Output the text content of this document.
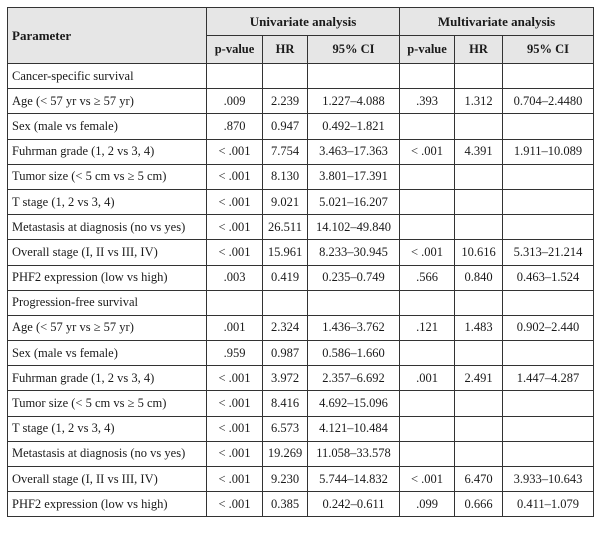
Parameter	Univariate analysis			Multivariate analysis		
	p-value	HR	95% CI	p-value	HR	95% CI
Cancer-specific survival						
Age (< 57 yr vs ≥ 57 yr)	.009	2.239	1.227–4.088	.393	1.312	0.704–2.4480
Sex (male vs female)	.870	0.947	0.492–1.821			
Fuhrman grade (1, 2 vs 3, 4)	< .001	7.754	3.463–17.363	< .001	4.391	1.911–10.089
Tumor size (< 5 cm vs ≥ 5 cm)	< .001	8.130	3.801–17.391			
T stage (1, 2 vs 3, 4)	< .001	9.021	5.021–16.207			
Metastasis at diagnosis (no vs yes)	< .001	26.511	14.102–49.840			
Overall stage (I, II vs III, IV)	< .001	15.961	8.233–30.945	< .001	10.616	5.313–21.214
PHF2 expression (low vs high)	.003	0.419	0.235–0.749	.566	0.840	0.463–1.524
Progression-free survival						
Age (< 57 yr vs ≥ 57 yr)	.001	2.324	1.436–3.762	.121	1.483	0.902–2.440
Sex (male vs female)	.959	0.987	0.586–1.660			
Fuhrman grade (1, 2 vs 3, 4)	< .001	3.972	2.357–6.692	.001	2.491	1.447–4.287
Tumor size (< 5 cm vs ≥ 5 cm)	< .001	8.416	4.692–15.096			
T stage (1, 2 vs 3, 4)	< .001	6.573	4.121–10.484			
Metastasis at diagnosis (no vs yes)	< .001	19.269	11.058–33.578			
Overall stage (I, II vs III, IV)	< .001	9.230	5.744–14.832	< .001	6.470	3.933–10.643
PHF2 expression (low vs high)	< .001	0.385	0.242–0.611	.099	0.666	0.411–1.079
